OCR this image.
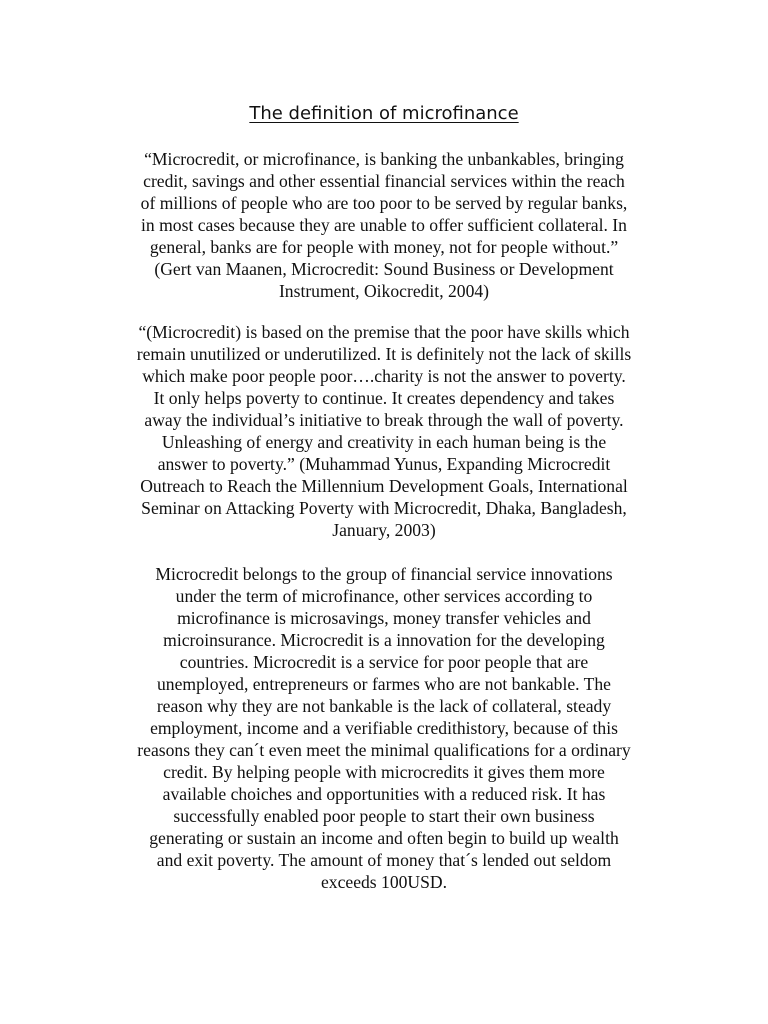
The definition of microfinance
“Microcredit, or microfinance, is banking the unbankables, bringing
credit, savings and other essential financial services within the reach
of millions of people who are too poor to be served by regular banks,
in most cases because they are unable to offer sufficient collateral. In
general, banks are for people with money, not for people without.”
(Gert van Maanen, Microcredit: Sound Business or Development
Instrument, Oikocredit, 2004)
“(Microcredit) is based on the premise that the poor have skills which
remain unutilized or underutilized. It is definitely not the lack of skills
which make poor people poor….charity is not the answer to poverty.
It only helps poverty to continue. It creates dependency and takes
away the individual’s initiative to break through the wall of poverty.
Unleashing of energy and creativity in each human being is the
answer to poverty.” (Muhammad Yunus, Expanding Microcredit
Outreach to Reach the Millennium Development Goals, International
Seminar on Attacking Poverty with Microcredit, Dhaka, Bangladesh,
January, 2003)
Microcredit belongs to the group of financial service innovations
under the term of microfinance, other services according to
microfinance is microsavings, money transfer vehicles and
microinsurance. Microcredit is a innovation for the developing
countries. Microcredit is a service for poor people that are
unemployed, entrepreneurs or farmes who are not bankable. The
reason why they are not bankable is the lack of collateral, steady
employment, income and a verifiable credithistory, because of this
reasons they can´t even meet the minimal qualifications for a ordinary
credit. By helping people with microcredits it gives them more
available choiches and opportunities with a reduced risk. It has
successfully enabled poor people to start their own business
generating or sustain an income and often begin to build up wealth
and exit poverty. The amount of money that´s lended out seldom
exceeds 100USD.
